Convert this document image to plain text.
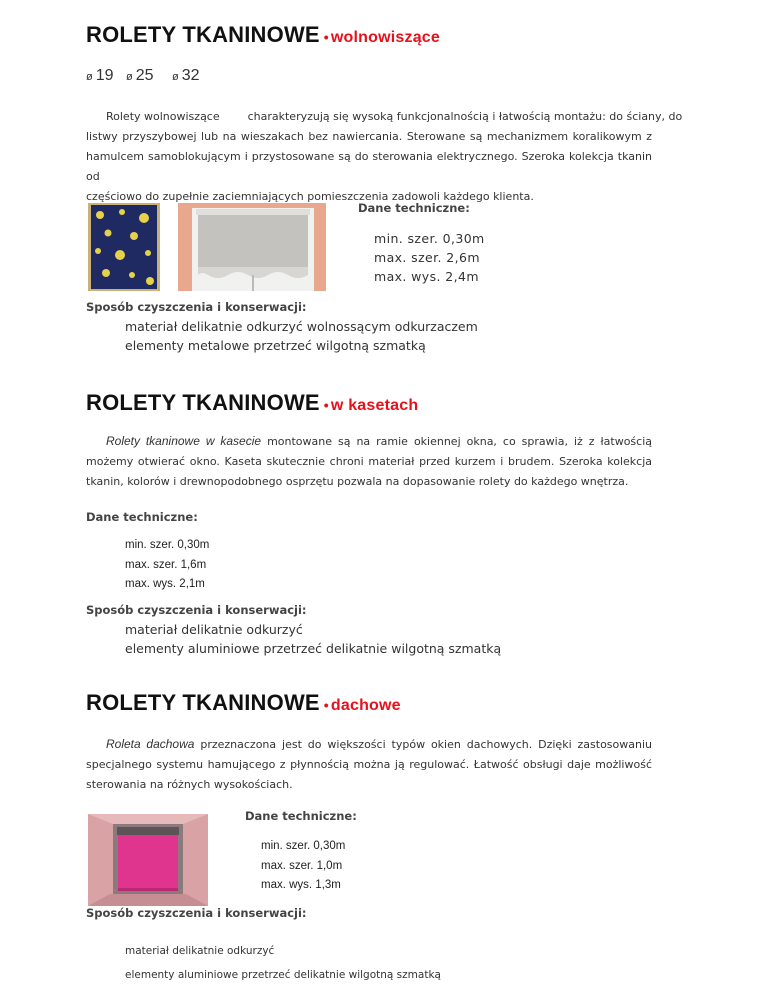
ROLETY TKANINOWE • wolnowiszące
ø 19 ø 25 ø 32
Rolety wolnowiszące        charakteryzują się wysoką funkcjonalnością i łatwością montażu: do ściany, do
listwy przyszybowej lub na wieszakach bez nawiercania. Sterowane są mechanizmem koralikowym z
hamulcem samoblokującym i przystosowane są do sterowania elektrycznego. Szeroka kolekcja tkanin od
częściowo do zupełnie zaciemniających pomieszczenia zadowoli każdego klienta.
Dane techniczne:
min. szer. 0,30m
max. szer. 2,6m
max. wys. 2,4m
Sposób czyszczenia i konserwacji:
materiał delikatnie odkurzyć wolnossącym odkurzaczem
elementy metalowe przetrzeć wilgotną szmatką
ROLETY TKANINOWE • w kasetach
Rolety tkaninowe w kasecie montowane są na ramie okiennej okna, co sprawia, iż z łatwością
możemy otwierać okno. Kaseta skutecznie chroni materiał przed kurzem i brudem. Szeroka kolekcja
tkanin, kolorów i drewnopodobnego osprzętu pozwala na dopasowanie rolety do każdego wnętrza.
Dane techniczne:
min. szer. 0,30m
max. szer. 1,6m
max. wys. 2,1m
Sposób czyszczenia i konserwacji:
materiał delikatnie odkurzyć
elementy aluminiowe przetrzeć delikatnie wilgotną szmatką
ROLETY TKANINOWE • dachowe
Roleta dachowa przeznaczona jest do większości typów okien dachowych. Dzięki zastosowaniu
specjalnego systemu hamującego z płynnością można ją regulować. Łatwość obsługi daje możliwość
sterowania na różnych wysokościach.
Dane techniczne:
min. szer. 0,30m
max. szer. 1,0m
max. wys. 1,3m
Sposób czyszczenia i konserwacji:
materiał delikatnie odkurzyć
elementy aluminiowe przetrzeć delikatnie wilgotną szmatką
